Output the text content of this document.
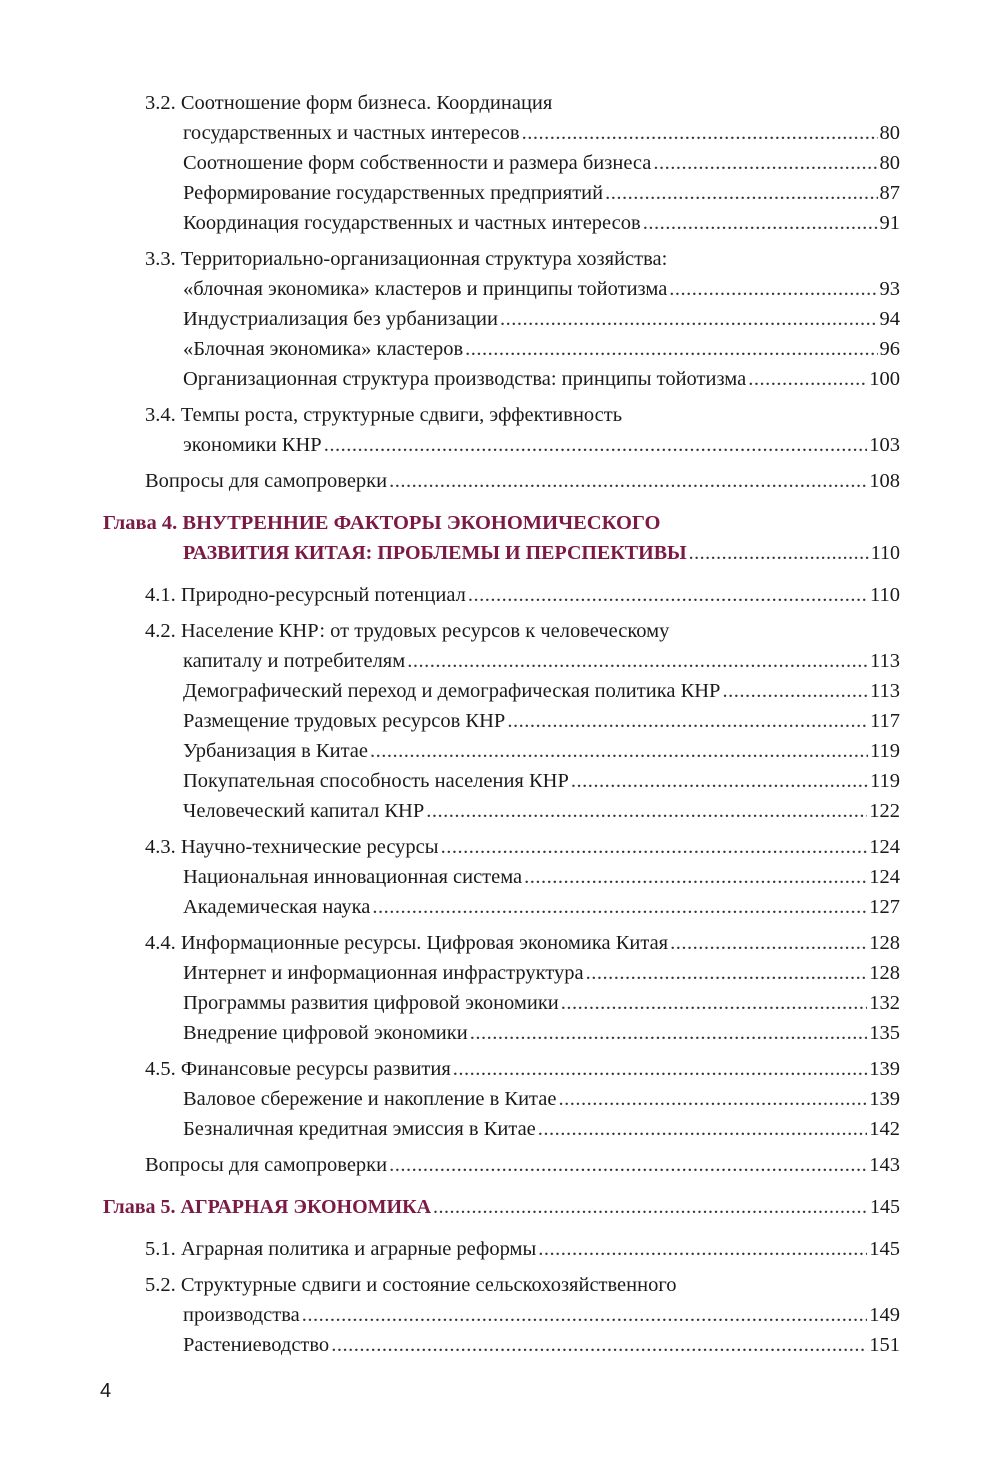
3.2. Соотношение форм бизнеса. Координация
государственных и частных интересов .....	80
Соотношение форм собственности и размера бизнеса .....	80
Реформирование государственных предприятий .....	87
Координация государственных и частных интересов .....	91
3.3. Территориально-организационная структура хозяйства:
«блочная экономика» кластеров и принципы тойотизма .....	93
Индустриализация без урбанизации .....	94
«Блочная экономика» кластеров .....	96
Организационная структура производства: принципы тойотизма .....	100
3.4. Темпы роста, структурные сдвиги, эффективность
экономики КНР .....	103
Вопросы для самопроверки .....	108
Глава 4. ВНУТРЕННИЕ ФАКТОРЫ ЭКОНОМИЧЕСКОГО
РАЗВИТИЯ КИТАЯ: ПРОБЛЕМЫ И ПЕРСПЕКТИВЫ .....	110
4.1. Природно-ресурсный потенциал .....	110
4.2. Население КНР: от трудовых ресурсов к человеческому
капиталу и потребителям .....	113
Демографический переход и демографическая политика КНР .....	113
Размещение трудовых ресурсов КНР .....	117
Урбанизация в Китае .....	119
Покупательная способность населения КНР .....	119
Человеческий капитал КНР .....	122
4.3. Научно-технические ресурсы .....	124
Национальная инновационная система .....	124
Академическая наука .....	127
4.4. Информационные ресурсы. Цифровая экономика Китая .....	128
Интернет и информационная инфраструктура .....	128
Программы развития цифровой экономики .....	132
Внедрение цифровой экономики .....	135
4.5. Финансовые ресурсы развития .....	139
Валовое сбережение и накопление в Китае .....	139
Безналичная кредитная эмиссия в Китае .....	142
Вопросы для самопроверки .....	143
Глава 5. АГРАРНАЯ ЭКОНОМИКА .....	145
5.1. Аграрная политика и аграрные реформы .....	145
5.2. Структурные сдвиги и состояние сельскохозяйственного
производства .....	149
Растениеводство .....	151
4
